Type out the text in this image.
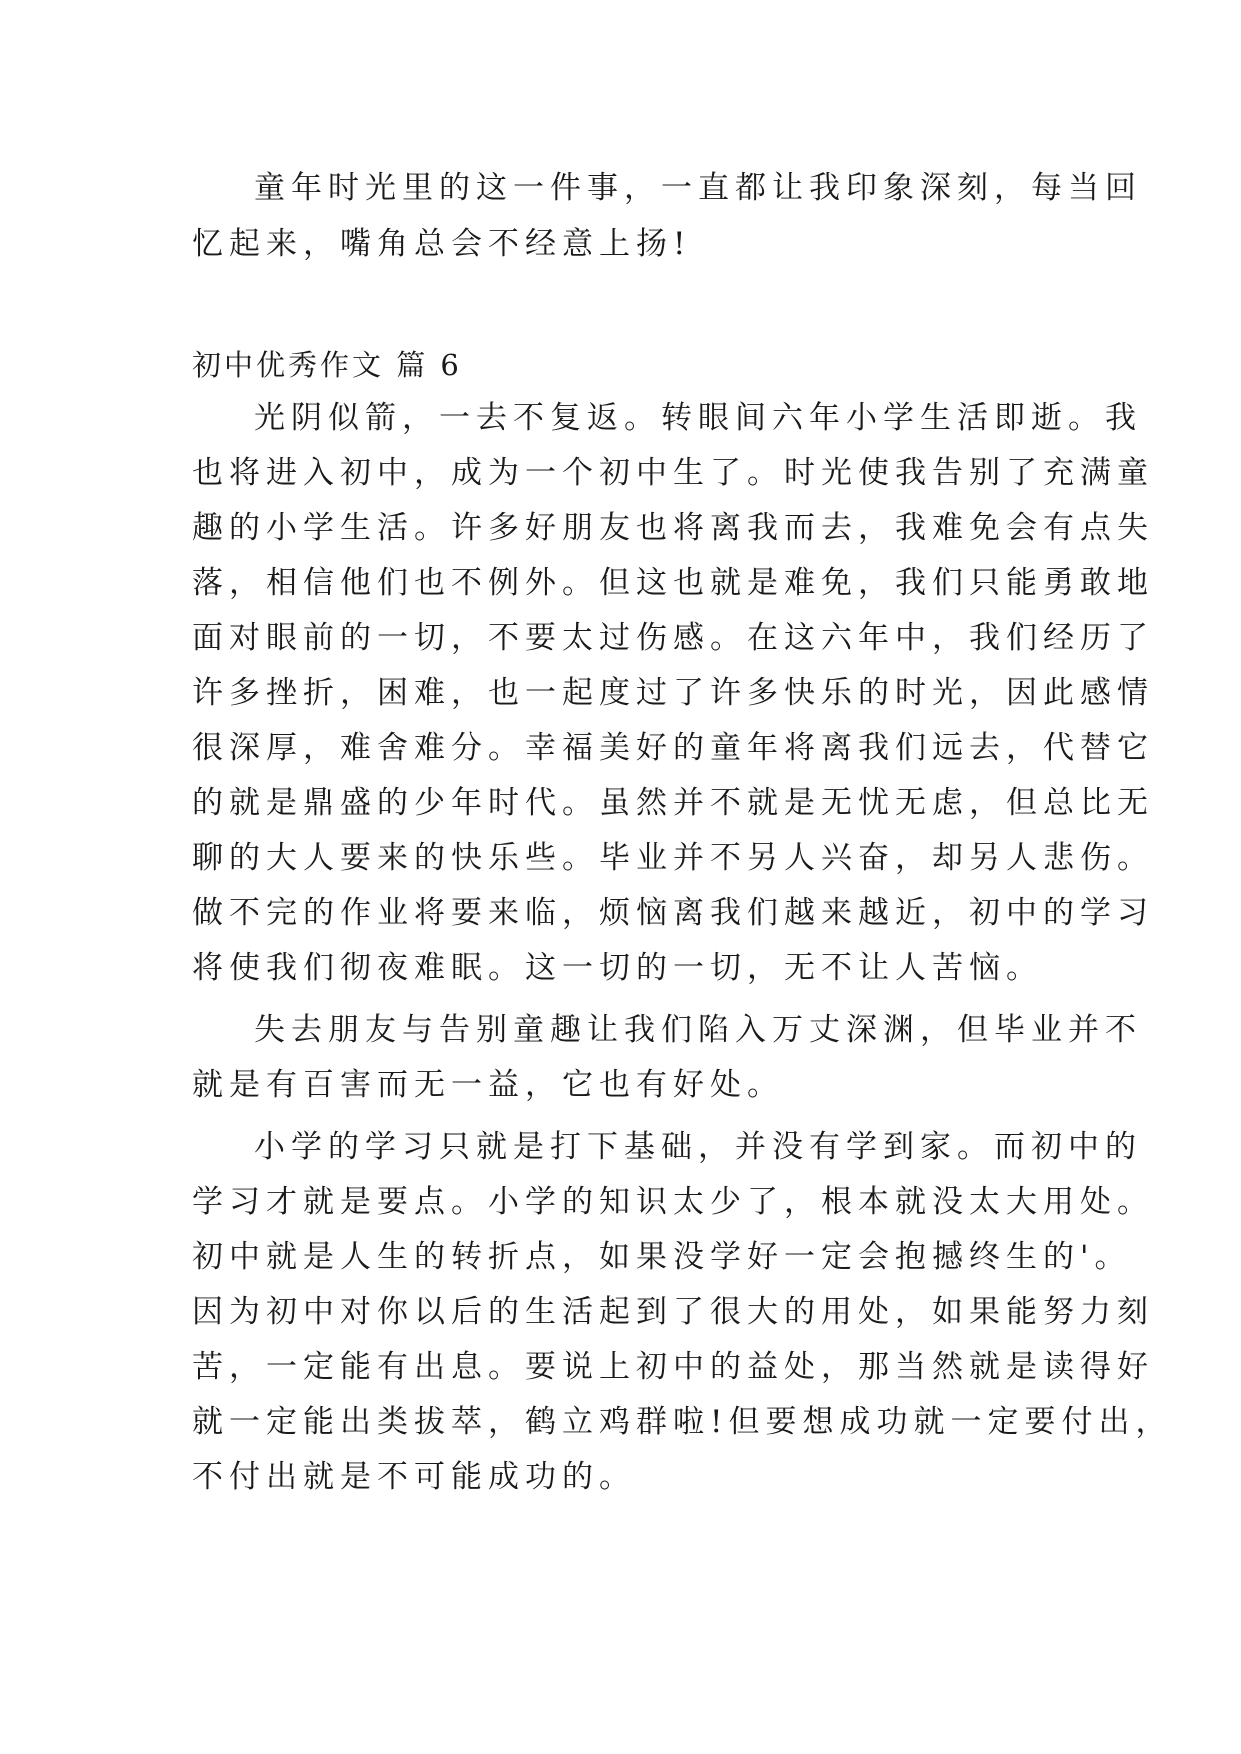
童年时光里的这一件事，一直都让我印象深刻，每当回
忆起来，嘴角总会不经意上扬!
初中优秀作文 篇 6
光阴似箭，一去不复返。转眼间六年小学生活即逝。我
也将进入初中，成为一个初中生了。时光使我告别了充满童
趣的小学生活。许多好朋友也将离我而去，我难免会有点失
落，相信他们也不例外。但这也就是难免，我们只能勇敢地
面对眼前的一切，不要太过伤感。在这六年中，我们经历了
许多挫折，困难，也一起度过了许多快乐的时光，因此感情
很深厚，难舍难分。幸福美好的童年将离我们远去，代替它
的就是鼎盛的少年时代。虽然并不就是无忧无虑，但总比无
聊的大人要来的快乐些。毕业并不另人兴奋，却另人悲伤。
做不完的作业将要来临，烦恼离我们越来越近，初中的学习
将使我们彻夜难眠。这一切的一切，无不让人苦恼。
失去朋友与告别童趣让我们陷入万丈深渊，但毕业并不
就是有百害而无一益，它也有好处。
小学的学习只就是打下基础，并没有学到家。而初中的
学习才就是要点。小学的知识太少了，根本就没太大用处。
初中就是人生的转折点，如果没学好一定会抱撼终生的'。
因为初中对你以后的生活起到了很大的用处，如果能努力刻
苦，一定能有出息。要说上初中的益处，那当然就是读得好
就一定能出类拔萃，鹤立鸡群啦!但要想成功就一定要付出，
不付出就是不可能成功的。
